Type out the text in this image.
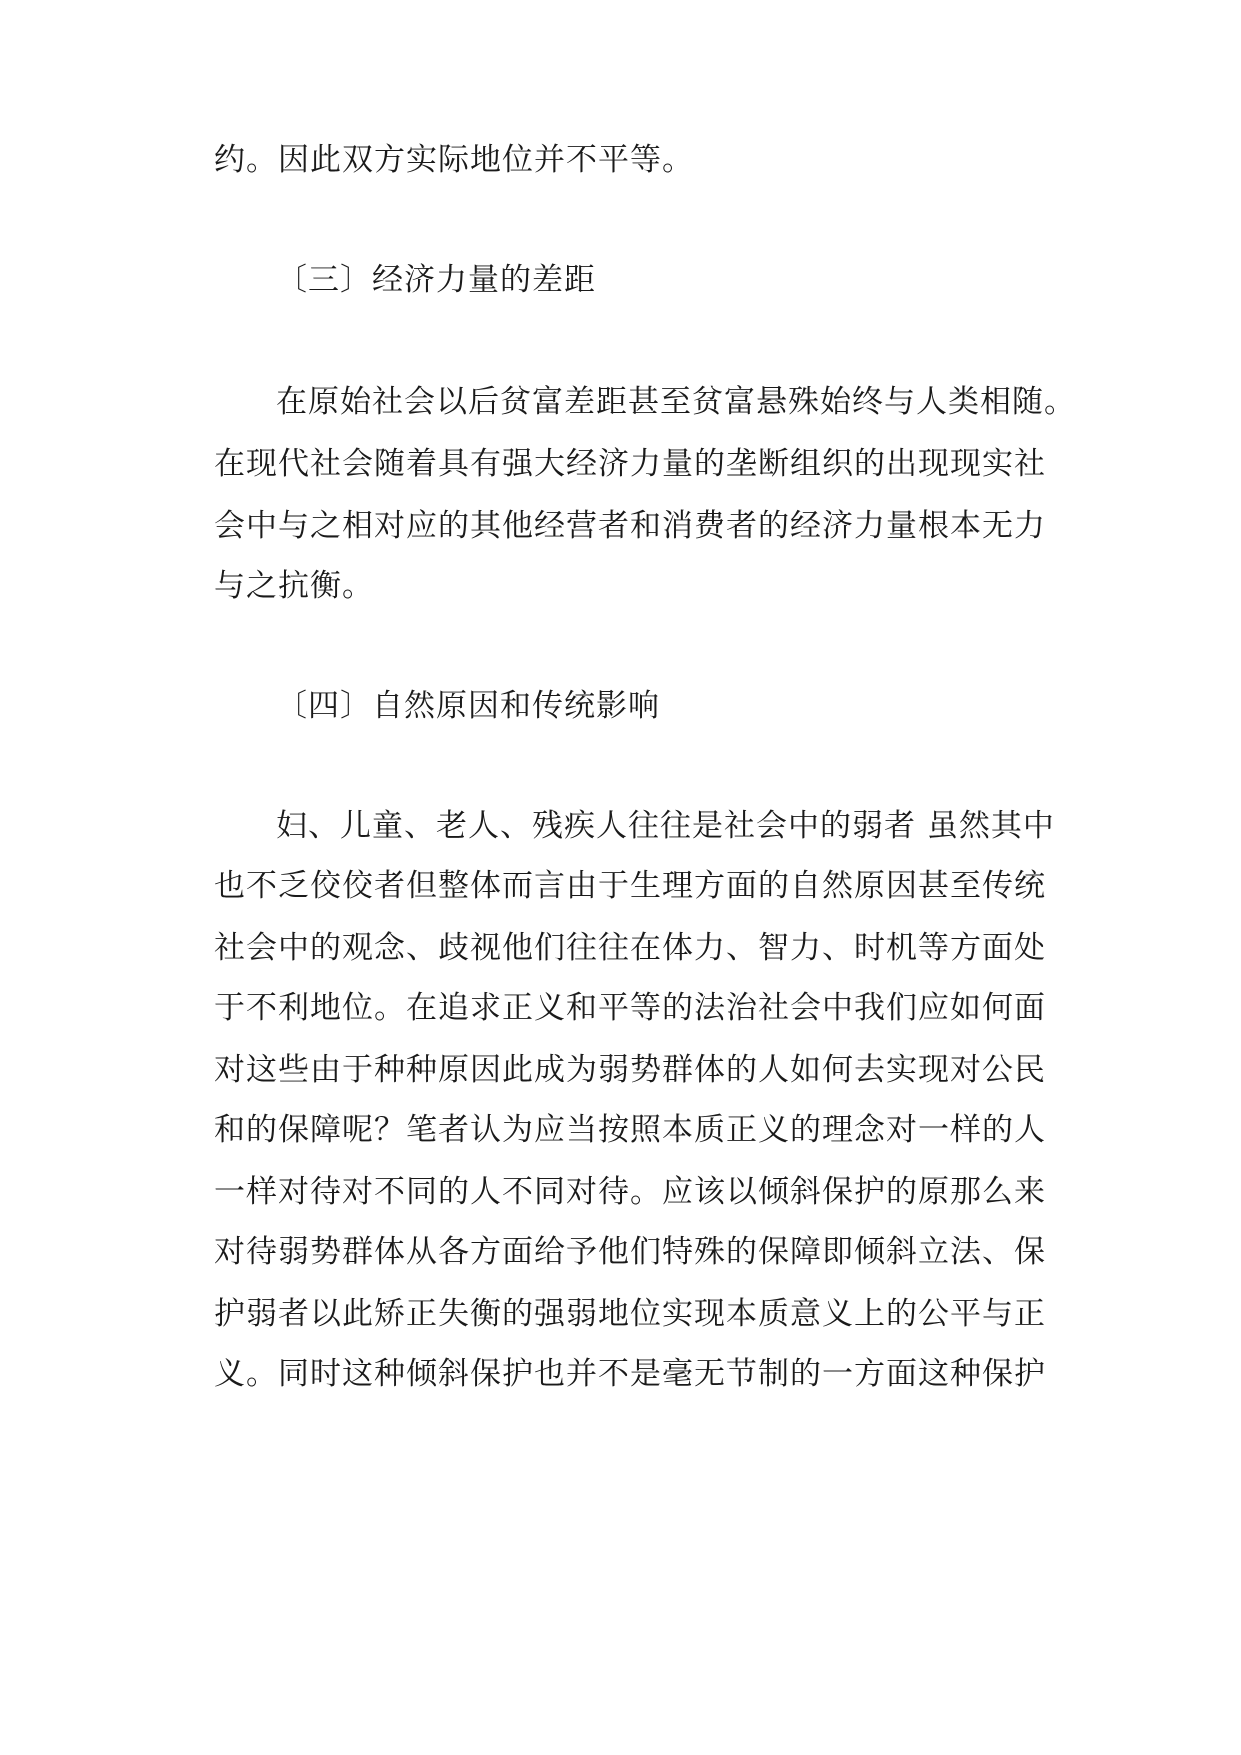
约。因此双方实际地位并不平等。
〔三〕经济力量的差距
在原始社会以后贫富差距甚至贫富悬殊始终与人类相随。
在现代社会随着具有强大经济力量的垄断组织的出现现实社
会中与之相对应的其他经营者和消费者的经济力量根本无力
与之抗衡。
〔四〕自然原因和传统影响
妇、儿童、老人、残疾人往往是社会中的弱者 虽然其中
也不乏佼佼者但整体而言由于生理方面的自然原因甚至传统
社会中的观念、歧视他们往往在体力、智力、时机等方面处
于不利地位。在追求正义和平等的法治社会中我们应如何面
对这些由于种种原因此成为弱势群体的人如何去实现对公民
和的保障呢？笔者认为应当按照本质正义的理念对一样的人
一样对待对不同的人不同对待。应该以倾斜保护的原那么来
对待弱势群体从各方面给予他们特殊的保障即倾斜立法、保
护弱者以此矫正失衡的强弱地位实现本质意义上的公平与正
义。同时这种倾斜保护也并不是毫无节制的一方面这种保护
